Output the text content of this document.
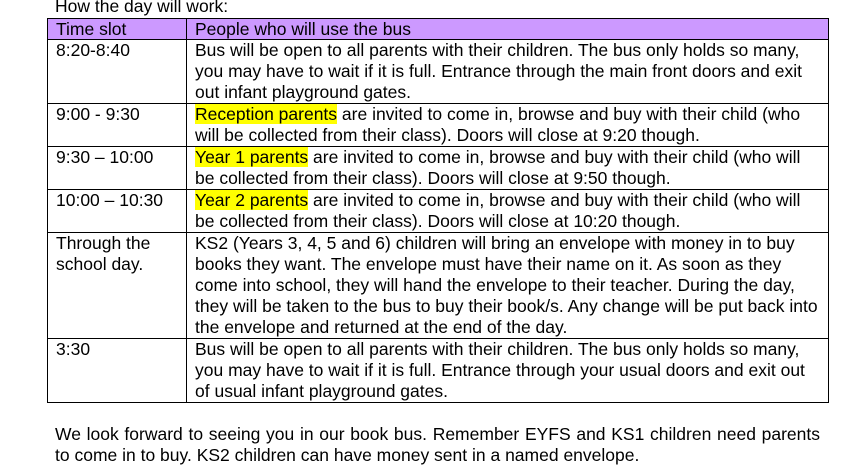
How the day will work:
Time slot	People who will use the bus
8:20-8:40	Bus will be open to all parents with their children. The bus only holds so many, you may have to wait if it is full. Entrance through the main front doors and exit out infant playground gates.
9:00 - 9:30	Reception parents are invited to come in, browse and buy with their child (who will be collected from their class). Doors will close at 9:20 though.
9:30 – 10:00	Year 1 parents are invited to come in, browse and buy with their child (who will be collected from their class). Doors will close at 9:50 though.
10:00 – 10:30	Year 2 parents are invited to come in, browse and buy with their child (who will be collected from their class). Doors will close at 10:20 though.
Through the school day.	KS2 (Years 3, 4, 5 and 6) children will bring an envelope with money in to buy books they want. The envelope must have their name on it. As soon as they come into school, they will hand the envelope to their teacher. During the day, they will be taken to the bus to buy their book/s. Any change will be put back into the envelope and returned at the end of the day.
3:30	Bus will be open to all parents with their children. The bus only holds so many, you may have to wait if it is full. Entrance through your usual doors and exit out of usual infant playground gates.
We look forward to seeing you in our book bus. Remember EYFS and KS1 children need parents to come in to buy. KS2 children can have money sent in a named envelope.
